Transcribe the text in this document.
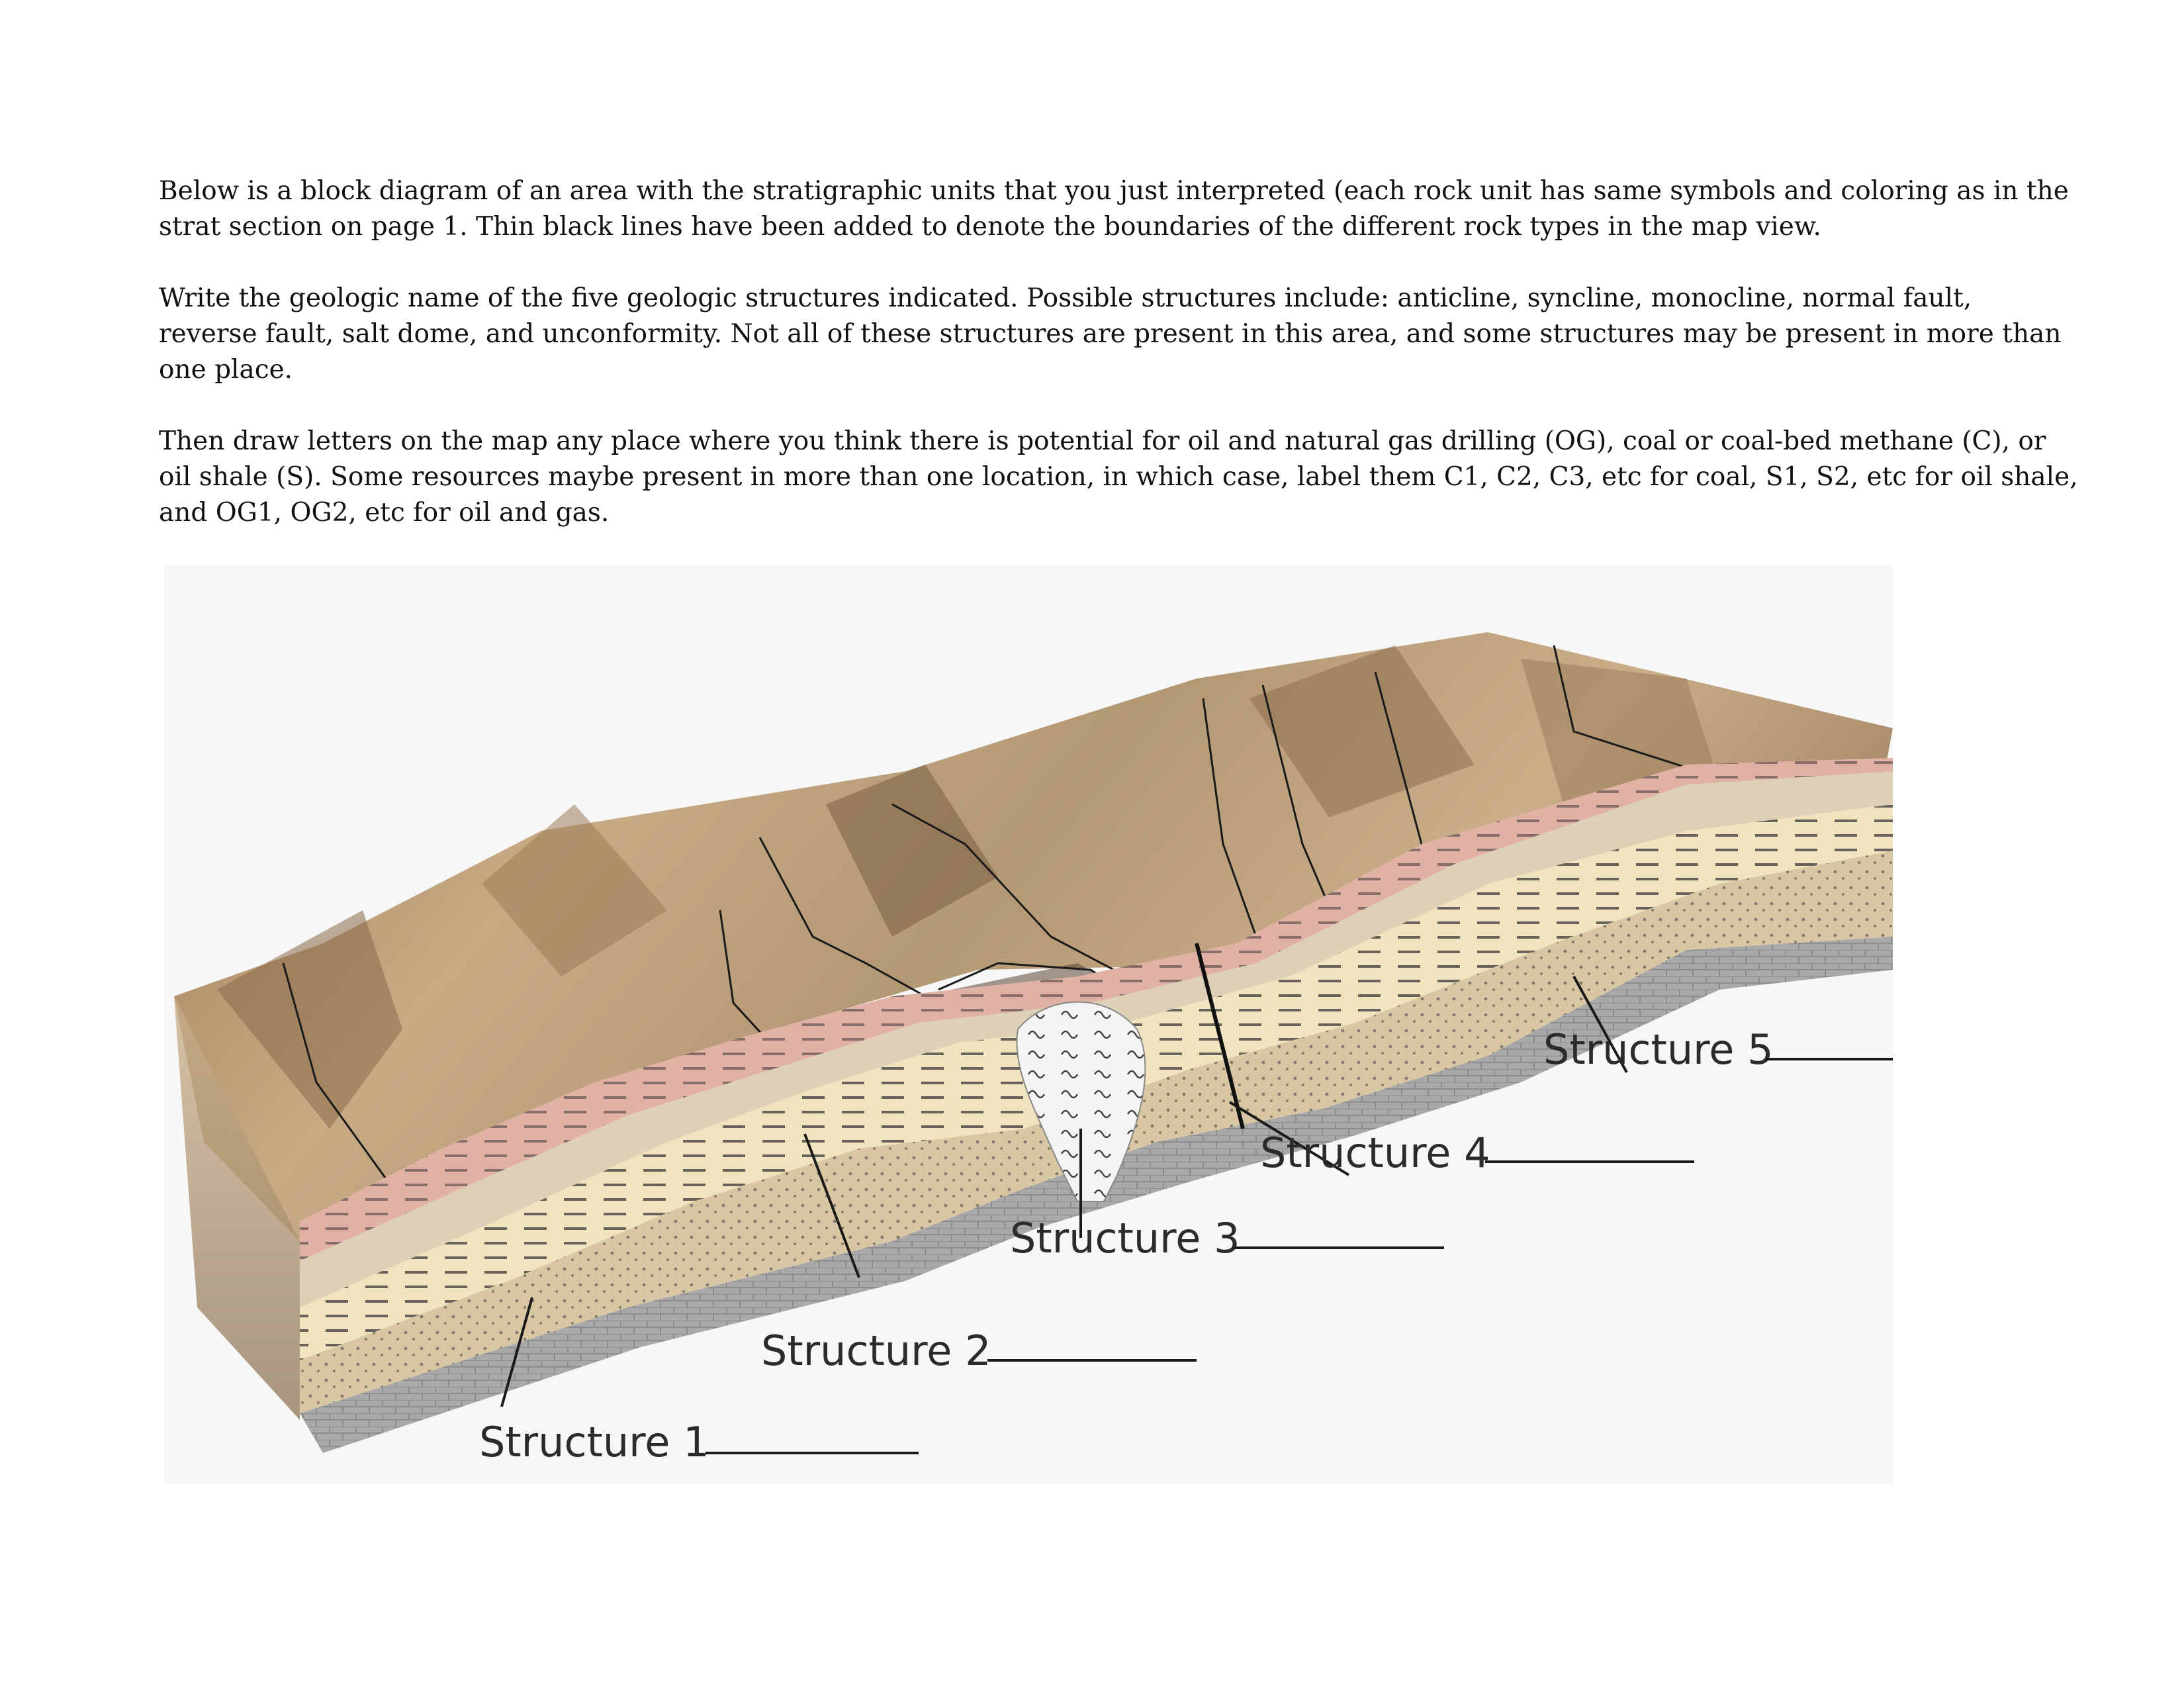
Below is a block diagram of an area with the stratigraphic units that you just interpreted (each rock unit has same symbols and coloring as in the strat section on page 1. Thin black lines have been added to denote the boundaries of the different rock types in the map view.

Write the geologic name of the five geologic structures indicated. Possible structures include: anticline, syncline, monocline, normal fault, reverse fault, salt dome, and unconformity. Not all of these structures are present in this area, and some structures may be present in more than one place.

Then draw letters on the map any place where you think there is potential for oil and natural gas drilling (OG), coal or coal-bed methane (C), or oil shale (S). Some resources maybe present in more than one location, in which case, label them C1, C2, C3, etc for coal, S1, S2, etc for oil shale, and OG1, OG2, etc for oil and gas.

Structure 1
Structure 2
Structure 3
Structure 4
Structure 5
